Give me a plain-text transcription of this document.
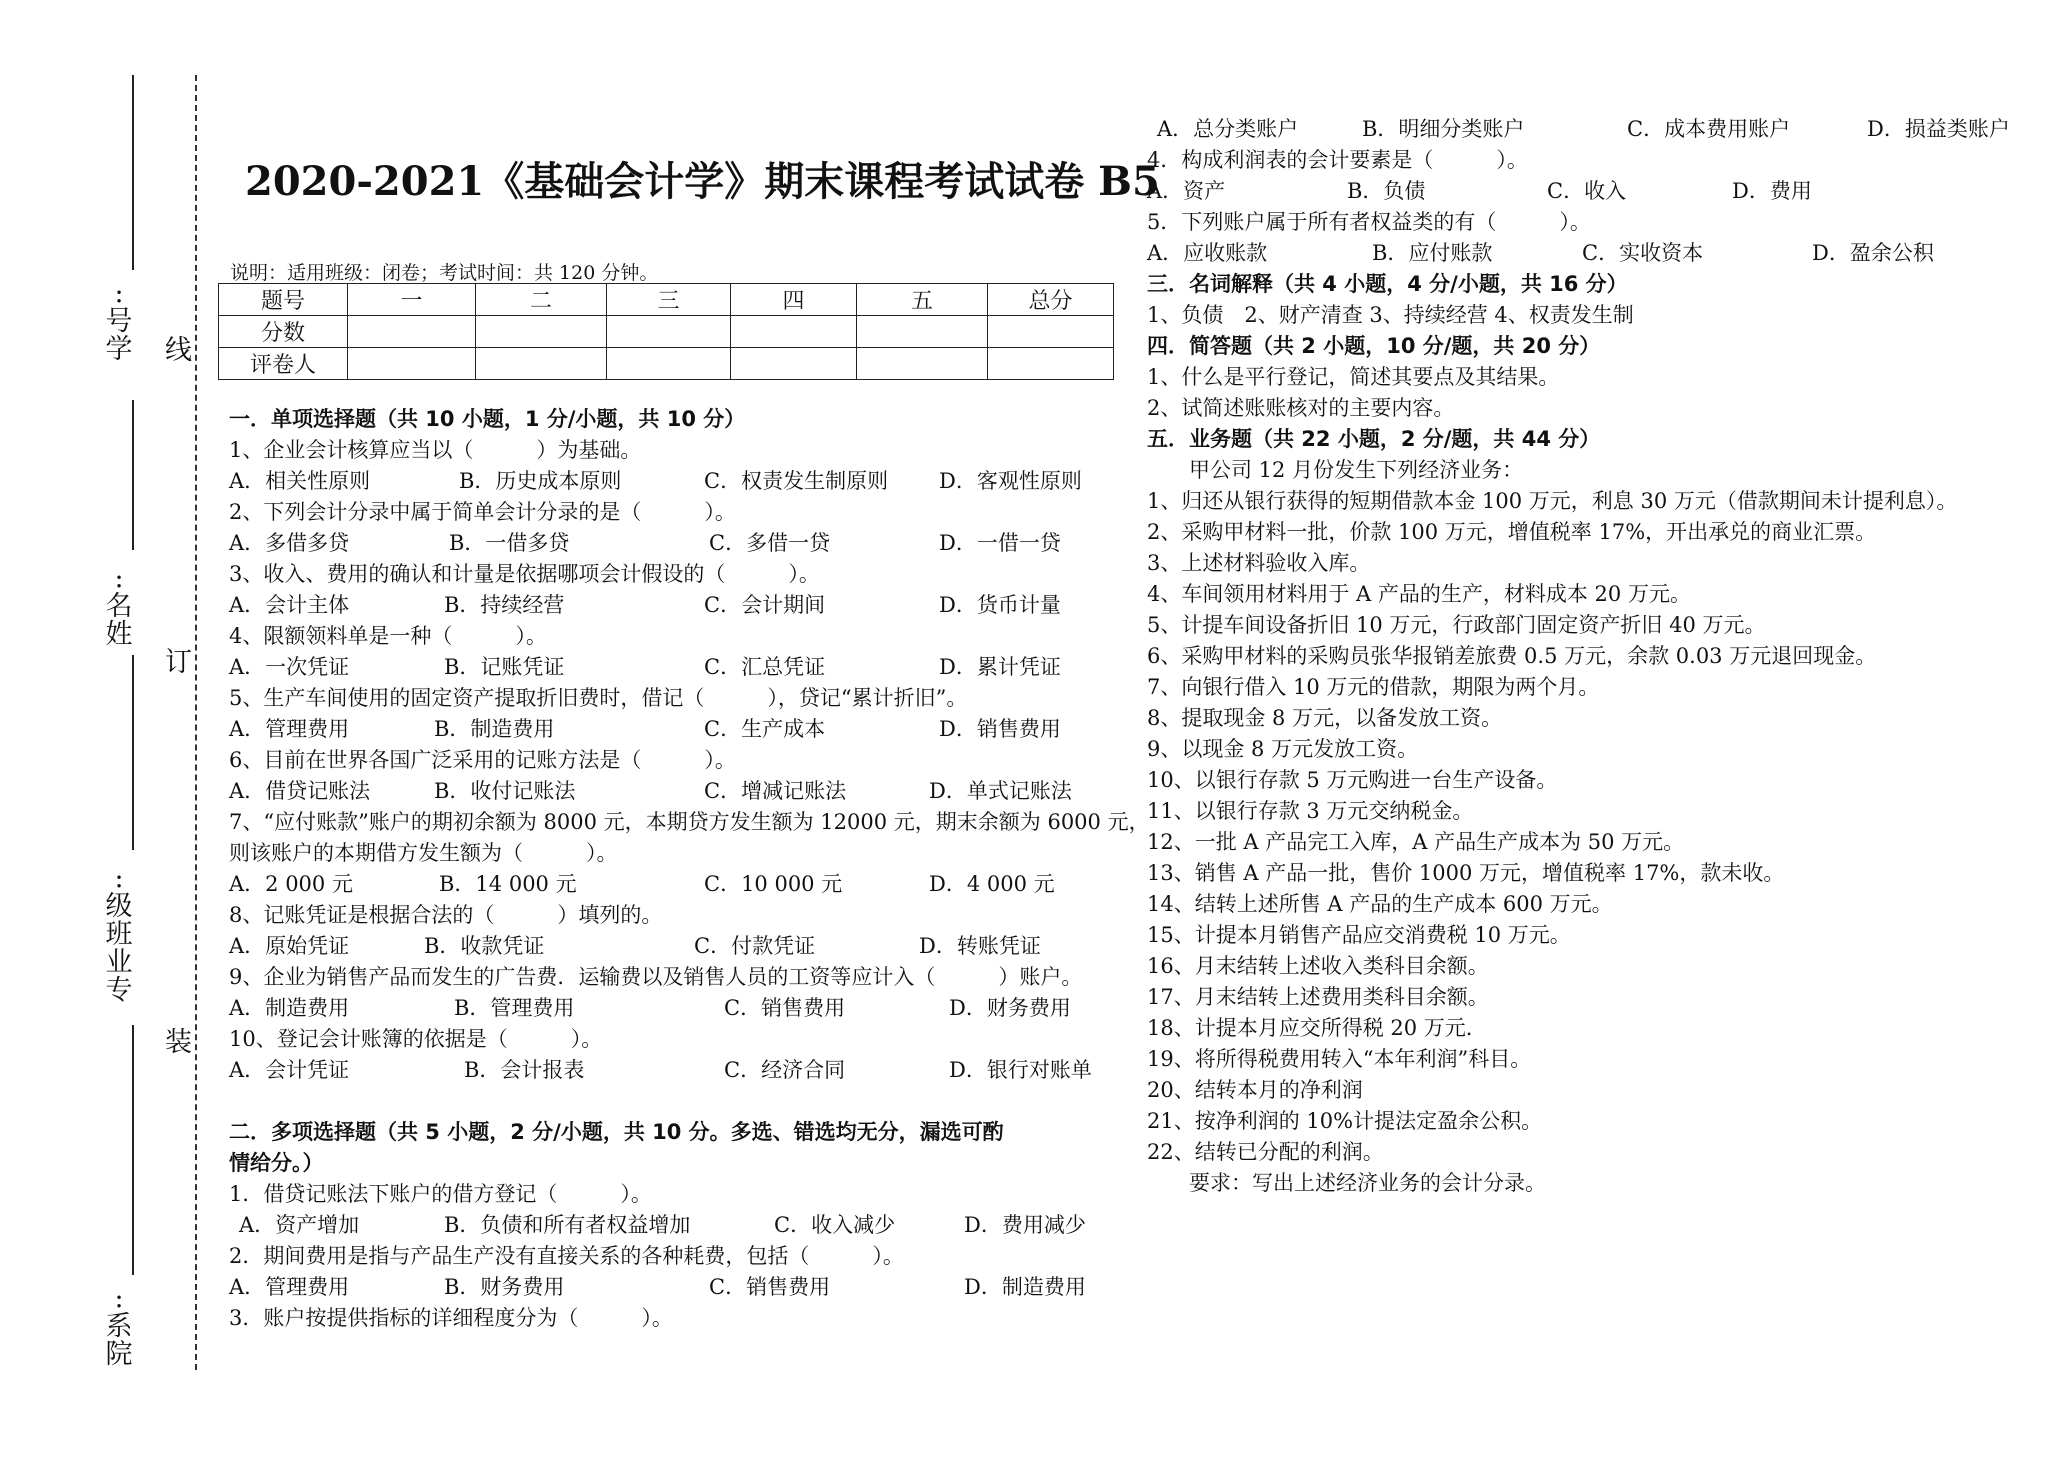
:号学
:名姓
:级班业专
:系院
线
订
装
2020-2021《基础会计学》期末课程考试试卷 B5
说明：适用班级：闭卷；考试时间：共 120 分钟。
题号	一	二	三	四	五	总分
分数						
评卷人						
一．单项选择题（共 10 小题，1 分/小题，共 10 分）
1、企业会计核算应当以（　　　）为基础。
A．相关性原则	B．历史成本原则	C．权责发生制原则 D．客观性原则
2、下列会计分录中属于简单会计分录的是（　　　）。
A．多借多贷	B．一借多贷	C．多借一贷	D．一借一贷
3、收入、费用的确认和计量是依据哪项会计假设的（　　　）。
A．会计主体	B．持续经营	C．会计期间	D．货币计量
4、限额领料单是一种（　　　）。
A．一次凭证	B．记账凭证	C．汇总凭证	D．累计凭证
5、生产车间使用的固定资产提取折旧费时，借记（　　　），贷记“累计折旧”。
A．管理费用	B．制造费用	C．生产成本	D．销售费用
6、目前在世界各国广泛采用的记账方法是（　　　）。
A．借贷记账法	B．收付记账法	C．增减记账法	D．单式记账法
7、“应付账款”账户的期初余额为 8000 元，本期贷方发生额为 12000 元，期末余额为 6000 元，
则该账户的本期借方发生额为（　　　）。
A．2 000 元	B．14 000 元	C．10 000 元	D．4 000 元
8、记账凭证是根据合法的（　　　）填列的。
A．原始凭证	B．收款凭证	C．付款凭证	D．转账凭证
9、企业为销售产品而发生的广告费．运输费以及销售人员的工资等应计入（　　　）账户。
A．制造费用	B．管理费用	C．销售费用	D．财务费用
10、登记会计账簿的依据是（　　　）。
A．会计凭证	B．会计报表	C．经济合同	D．银行对账单
二．多项选择题（共 5 小题，2 分/小题，共 10 分。多选、错选均无分，漏选可酌
情给分。）
1．借贷记账法下账户的借方登记（　　　）。
A．资产增加	B．负债和所有者权益增加	C．收入减少	D．费用减少
2．期间费用是指与产品生产没有直接关系的各种耗费，包括（　　　）。
A．管理费用	B．财务费用	C．销售费用	D．制造费用
3．账户按提供指标的详细程度分为（　　　）。
A．总分类账户	B．明细分类账户	C．成本费用账户	D．损益类账户
4．构成利润表的会计要素是（　　　）。
A．资产	B．负债	C．收入	D．费用
5．下列账户属于所有者权益类的有（　　　）。
A．应收账款	B．应付账款	C．实收资本	D．盈余公积
三．名词解释（共 4 小题，4 分/小题，共 16 分）
1、负债　2、财产清查 3、持续经营 4、权责发生制
四．简答题（共 2 小题，10 分/题，共 20 分）
1、什么是平行登记，简述其要点及其结果。
2、试简述账账核对的主要内容。
五．业务题（共 22 小题，2 分/题，共 44 分）
　　甲公司 12 月份发生下列经济业务：
1、归还从银行获得的短期借款本金 100 万元，利息 30 万元（借款期间未计提利息）。
2、采购甲材料一批，价款 100 万元，增值税率 17%，开出承兑的商业汇票。
3、上述材料验收入库。
4、车间领用材料用于 A 产品的生产，材料成本 20 万元。
5、计提车间设备折旧 10 万元，行政部门固定资产折旧 40 万元。
6、采购甲材料的采购员张华报销差旅费 0.5 万元，余款 0.03 万元退回现金。
7、向银行借入 10 万元的借款，期限为两个月。
8、提取现金 8 万元，以备发放工资。
9、以现金 8 万元发放工资。
10、以银行存款 5 万元购进一台生产设备。
11、以银行存款 3 万元交纳税金。
12、一批 A 产品完工入库，A 产品生产成本为 50 万元。
13、销售 A 产品一批，售价 1000 万元，增值税率 17%，款未收。
14、结转上述所售 A 产品的生产成本 600 万元。
15、计提本月销售产品应交消费税 10 万元。
16、月末结转上述收入类科目余额。
17、月末结转上述费用类科目余额。
18、计提本月应交所得税 20 万元.
19、将所得税费用转入“本年利润”科目。
20、结转本月的净利润
21、按净利润的 10%计提法定盈余公积。
22、结转已分配的利润。
　　要求：写出上述经济业务的会计分录。
